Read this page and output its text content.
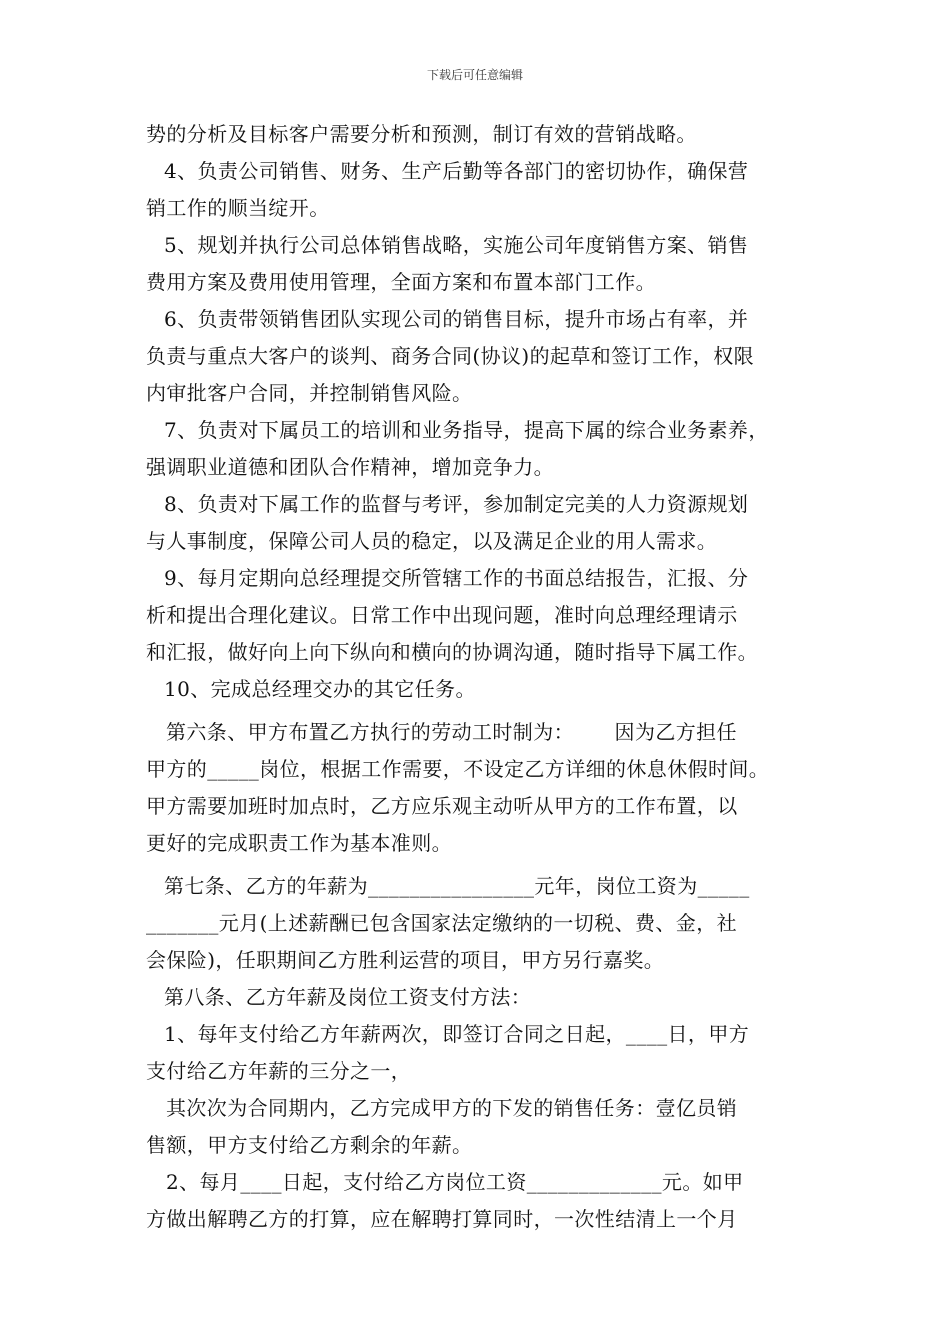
下载后可任意编辑
势的分析及目标客户需要分析和预测，制订有效的营销战略。
4、负责公司销售、财务、生产后勤等各部门的密切协作，确保营
销工作的顺当绽开。
5、规划并执行公司总体销售战略，实施公司年度销售方案、销售
费用方案及费用使用管理，全面方案和布置本部门工作。
6、负责带领销售团队实现公司的销售目标，提升市场占有率，并
负责与重点大客户的谈判、商务合同(协议)的起草和签订工作，权限
内审批客户合同，并控制销售风险。
7、负责对下属员工的培训和业务指导，提高下属的综合业务素养，
强调职业道德和团队合作精神，增加竞争力。
8、负责对下属工作的监督与考评，参加制定完美的人力资源规划
与人事制度，保障公司人员的稳定，以及满足企业的用人需求。
9、每月定期向总经理提交所管辖工作的书面总结报告，汇报、分
析和提出合理化建议。日常工作中出现问题，准时向总理经理请示
和汇报，做好向上向下纵向和横向的协调沟通，随时指导下属工作。
10、完成总经理交办的其它任务。
第六条、甲方布置乙方执行的劳动工时制为：      因为乙方担任
甲方的_____岗位，根据工作需要，不设定乙方详细的休息休假时间。
甲方需要加班时加点时，乙方应乐观主动听从甲方的工作布置，以
更好的完成职责工作为基本准则。
第七条、乙方的年薪为________________元年，岗位工资为_____
_______元月(上述薪酬已包含国家法定缴纳的一切税、费、金，社
会保险)，任职期间乙方胜利运营的项目，甲方另行嘉奖。
第八条、乙方年薪及岗位工资支付方法：
1、每年支付给乙方年薪两次，即签订合同之日起，____日，甲方
支付给乙方年薪的三分之一，
其次次为合同期内，乙方完成甲方的下发的销售任务：壹亿员销
售额，甲方支付给乙方剩余的年薪。
2、每月____日起，支付给乙方岗位工资_____________元。如甲
方做出解聘乙方的打算，应在解聘打算同时，一次性结清上一个月
